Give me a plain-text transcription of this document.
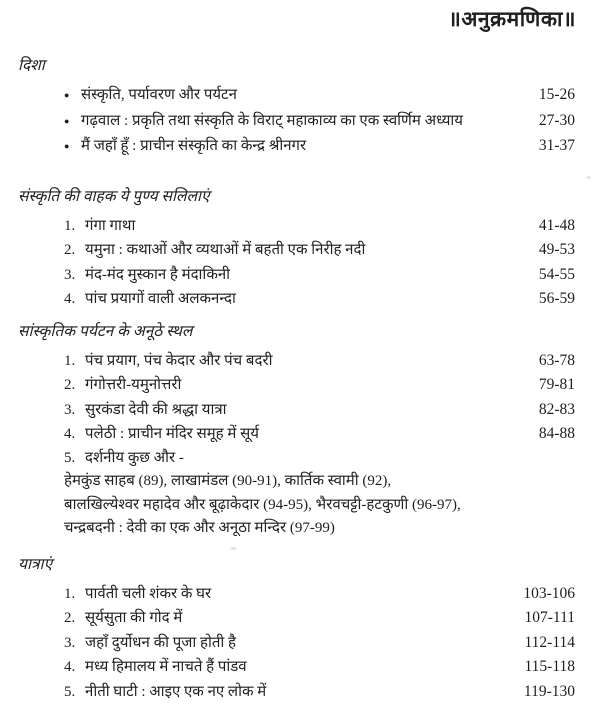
॥अनुक्रमणिका॥
दिशा
● संस्कृति, पर्यावरण और पर्यटन	15-26
● गढ़वाल : प्रकृति तथा संस्कृति के विराट् महाकाव्य का एक स्वर्णिम अध्याय	27-30
● मैं जहाँ हूँ : प्राचीन संस्कृति का केन्द्र श्रीनगर	31-37
संस्कृति की वाहक ये पुण्य सलिलाएं
1. गंगा गाथा	41-48
2. यमुना : कथाओं और व्यथाओं में बहती एक निरीह नदी	49-53
3. मंद-मंद मुस्कान है मंदाकिनी	54-55
4. पांच प्रयागों वाली अलकनन्दा	56-59
सांस्कृतिक पर्यटन के अनूठे स्थल
1. पंच प्रयाग, पंच केदार और पंच बदरी	63-78
2. गंगोत्तरी-यमुनोत्तरी	79-81
3. सुरकंडा देवी की श्रद्धा यात्रा	82-83
4. पलेठी : प्राचीन मंदिर समूह में सूर्य	84-88
5. दर्शनीय कुछ और -
हेमकुंड साहब (89), लाखामंडल (90-91), कार्तिक स्वामी (92),
बालखिल्येश्वर महादेव और बूढ़ाकेदार (94-95), भैरवचट्टी-हटकुणी (96-97),
चन्द्रबदनी : देवी का एक और अनूठा मन्दिर (97-99)
यात्राएं
1. पार्वती चली शंकर के घर	103-106
2. सूर्यसुता की गोद में	107-111
3. जहाँ दुर्योधन की पूजा होती है	112-114
4. मध्य हिमालय में नाचते हैं पांडव	115-118
5. नीती घाटी : आइए एक नए लोक में	119-130
